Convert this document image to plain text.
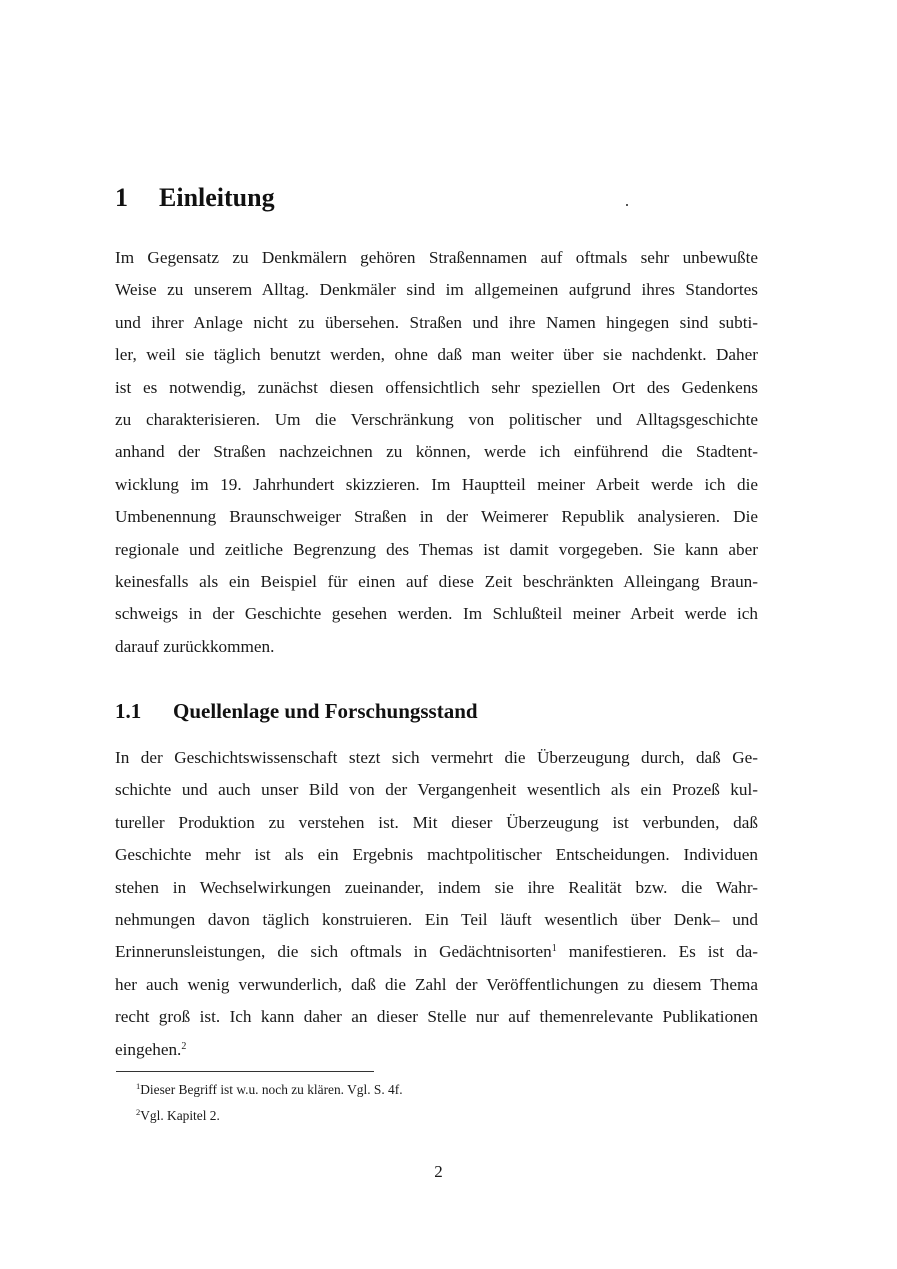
1 Einleitung
Im Gegensatz zu Denkmälern gehören Straßennamen auf oftmals sehr unbewußte
Weise zu unserem Alltag. Denkmäler sind im allgemeinen aufgrund ihres Standortes
und ihrer Anlage nicht zu übersehen. Straßen und ihre Namen hingegen sind subti-
ler, weil sie täglich benutzt werden, ohne daß man weiter über sie nachdenkt. Daher
ist es notwendig, zunächst diesen offensichtlich sehr speziellen Ort des Gedenkens
zu charakterisieren. Um die Verschränkung von politischer und Alltagsgeschichte
anhand der Straßen nachzeichnen zu können, werde ich einführend die Stadtent-
wicklung im 19. Jahrhundert skizzieren. Im Hauptteil meiner Arbeit werde ich die
Umbenennung Braunschweiger Straßen in der Weimerer Republik analysieren. Die
regionale und zeitliche Begrenzung des Themas ist damit vorgegeben. Sie kann aber
keinesfalls als ein Beispiel für einen auf diese Zeit beschränkten Alleingang Braun-
schweigs in der Geschichte gesehen werden. Im Schlußteil meiner Arbeit werde ich
darauf zurückkommen.
1.1 Quellenlage und Forschungsstand
In der Geschichtswissenschaft stezt sich vermehrt die Überzeugung durch, daß Ge-
schichte und auch unser Bild von der Vergangenheit wesentlich als ein Prozeß kul-
tureller Produktion zu verstehen ist. Mit dieser Überzeugung ist verbunden, daß
Geschichte mehr ist als ein Ergebnis machtpolitischer Entscheidungen. Individuen
stehen in Wechselwirkungen zueinander, indem sie ihre Realität bzw. die Wahr-
nehmungen davon täglich konstruieren. Ein Teil läuft wesentlich über Denk– und
Erinnerunsleistungen, die sich oftmals in Gedächtnisorten$^1$ manifestieren. Es ist da-
her auch wenig verwunderlich, daß die Zahl der Veröffentlichungen zu diesem Thema
recht groß ist. Ich kann daher an dieser Stelle nur auf themenrelevante Publikationen
eingehen.$^2$
$^1$Dieser Begriff ist w.u. noch zu klären. Vgl. S. 4f.
$^2$Vgl. Kapitel 2.
2
